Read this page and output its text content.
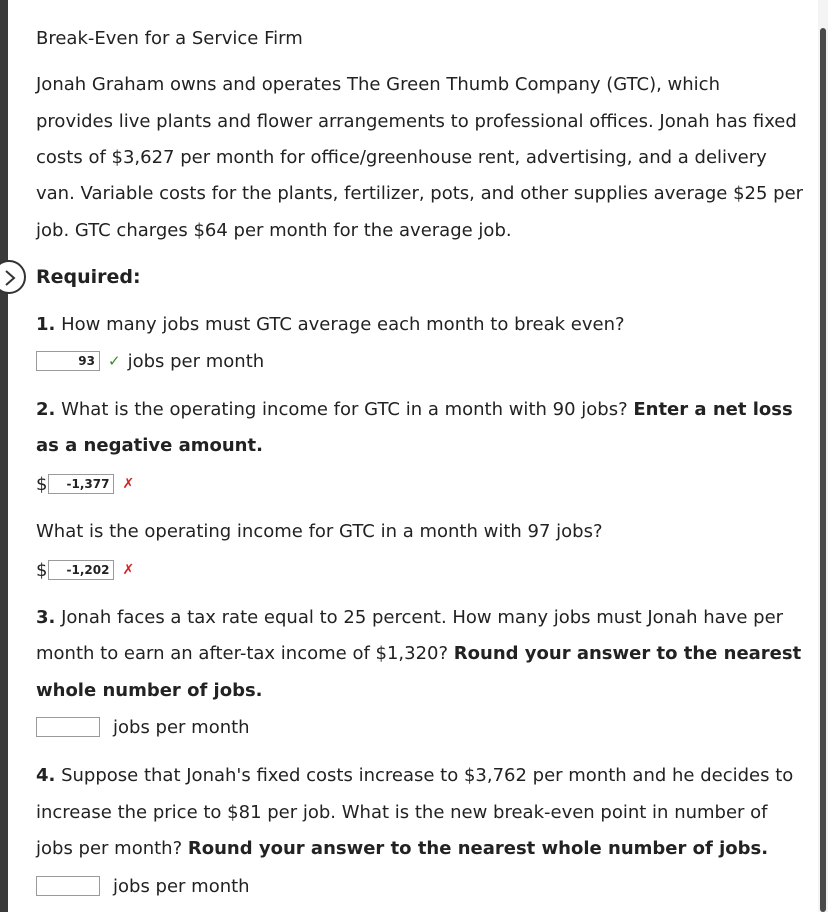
Break-Even for a Service Firm
Jonah Graham owns and operates The Green Thumb Company (GTC), which
provides live plants and flower arrangements to professional offices. Jonah has fixed
costs of $3,627 per month for office/greenhouse rent, advertising, and a delivery
van. Variable costs for the plants, fertilizer, pots, and other supplies average $25 per
job. GTC charges $64 per month for the average job.
Required:
1. How many jobs must GTC average each month to break even?
93 ✓ jobs per month
2. What is the operating income for GTC in a month with 90 jobs? Enter a net loss
as a negative amount.
$	-1,377 ✗
What is the operating income for GTC in a month with 97 jobs?
$	-1,202 ✗
3. Jonah faces a tax rate equal to 25 percent. How many jobs must Jonah have per
month to earn an after-tax income of $1,320? Round your answer to the nearest
whole number of jobs.
jobs per month
4. Suppose that Jonah's fixed costs increase to $3,762 per month and he decides to
increase the price to $81 per job. What is the new break-even point in number of
jobs per month? Round your answer to the nearest whole number of jobs.
jobs per month
